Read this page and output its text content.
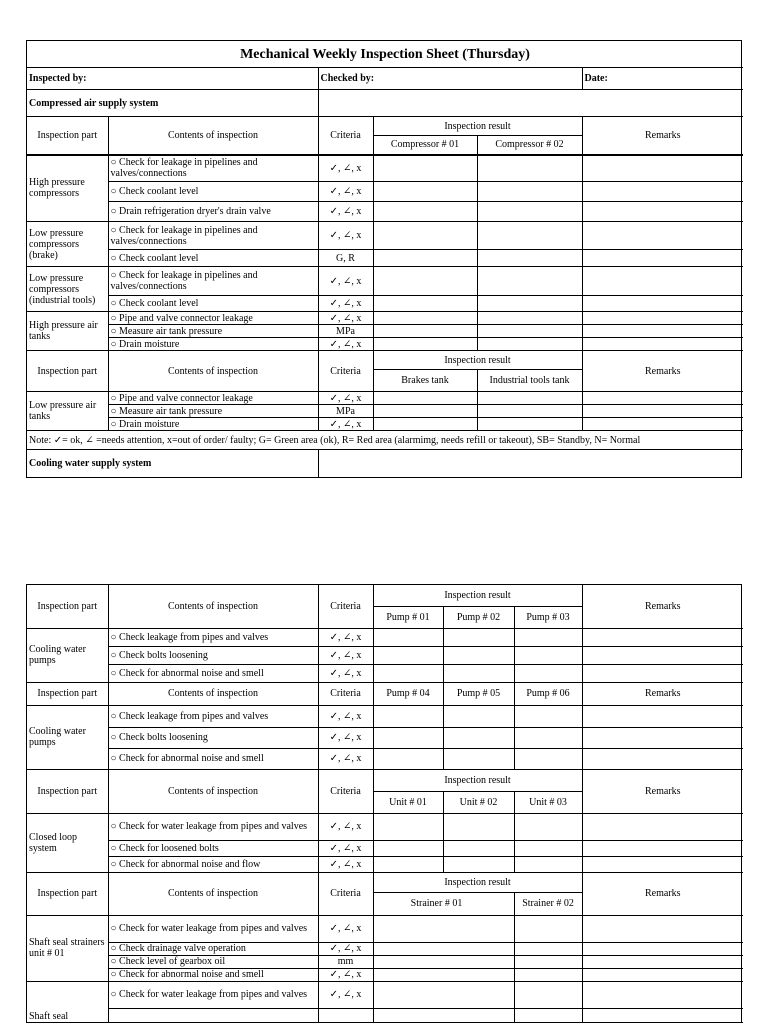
Mechanical Weekly Inspection Sheet (Thursday)					
Inspected by:		Checked by:			Date:
Compressed air supply system					
Inspection part	Contents of inspection	Criteria	Inspection result		Remarks
			Compressor # 01	Compressor # 02	
High pressure compressors	○ Check for leakage in pipelines and valves/connections	✓, ∠, x			
	○ Check coolant level	✓, ∠, x			
	○ Drain refrigeration dryer's drain valve	✓, ∠, x			
Low pressure compressors (brake)	○ Check for leakage in pipelines and valves/connections	✓, ∠, x			
	○ Check coolant level	G, R			
Low pressure compressors (industrial tools)	○ Check for leakage in pipelines and valves/connections	✓, ∠, x			
	○ Check coolant level	✓, ∠, x			
High pressure air tanks	○ Pipe and valve connector leakage	✓, ∠, x			
	○ Measure air tank pressure	MPa			
	○ Drain moisture	✓, ∠, x			
Inspection part	Contents of inspection	Criteria	Inspection result		Remarks
			Brakes tank	Industrial tools tank	
Low pressure air tanks	○ Pipe and valve connector leakage	✓, ∠, x			
	○ Measure air tank pressure	MPa			
	○ Drain moisture	✓, ∠, x			
Note: ✓= ok, ∠ =needs attention, x=out of order/ faulty; G= Green area (ok), R= Red area (alarmimg, needs refill or takeout), SB= Standby, N= Normal					
Cooling water supply system					
Inspection part	Contents of inspection	Criteria	Inspection result			Remarks
			Pump # 01	Pump # 02	Pump # 03	
Cooling water pumps	○ Check leakage from pipes and valves	✓, ∠, x				
	○ Check bolts loosening	✓, ∠, x				
	○ Check for abnormal noise and smell	✓, ∠, x				
Inspection part	Contents of inspection	Criteria	Pump # 04	Pump # 05	Pump # 06	Remarks
Cooling water pumps	○ Check leakage from pipes and valves	✓, ∠, x				
	○ Check bolts loosening	✓, ∠, x				
	○ Check for abnormal noise and smell	✓, ∠, x				
Inspection part	Contents of inspection	Criteria	Inspection result			Remarks
			Unit # 01	Unit # 02	Unit # 03	
Closed loop system	○ Check for water leakage from pipes and valves	✓, ∠, x				
	○ Check for loosened bolts	✓, ∠, x				
	○ Check for abnormal noise and flow	✓, ∠, x				
Inspection part	Contents of inspection	Criteria	Inspection result			Remarks
			Strainer # 01		Strainer # 02	
Shaft seal strainers unit # 01	○ Check for water leakage from pipes and valves	✓, ∠, x				
	○ Check drainage valve operation	✓, ∠, x				
	○ Check level of gearbox oil	mm				
	○ Check for abnormal noise and smell	✓, ∠, x				
Shaft seal	○ Check for water leakage from pipes and valves	✓, ∠, x				
